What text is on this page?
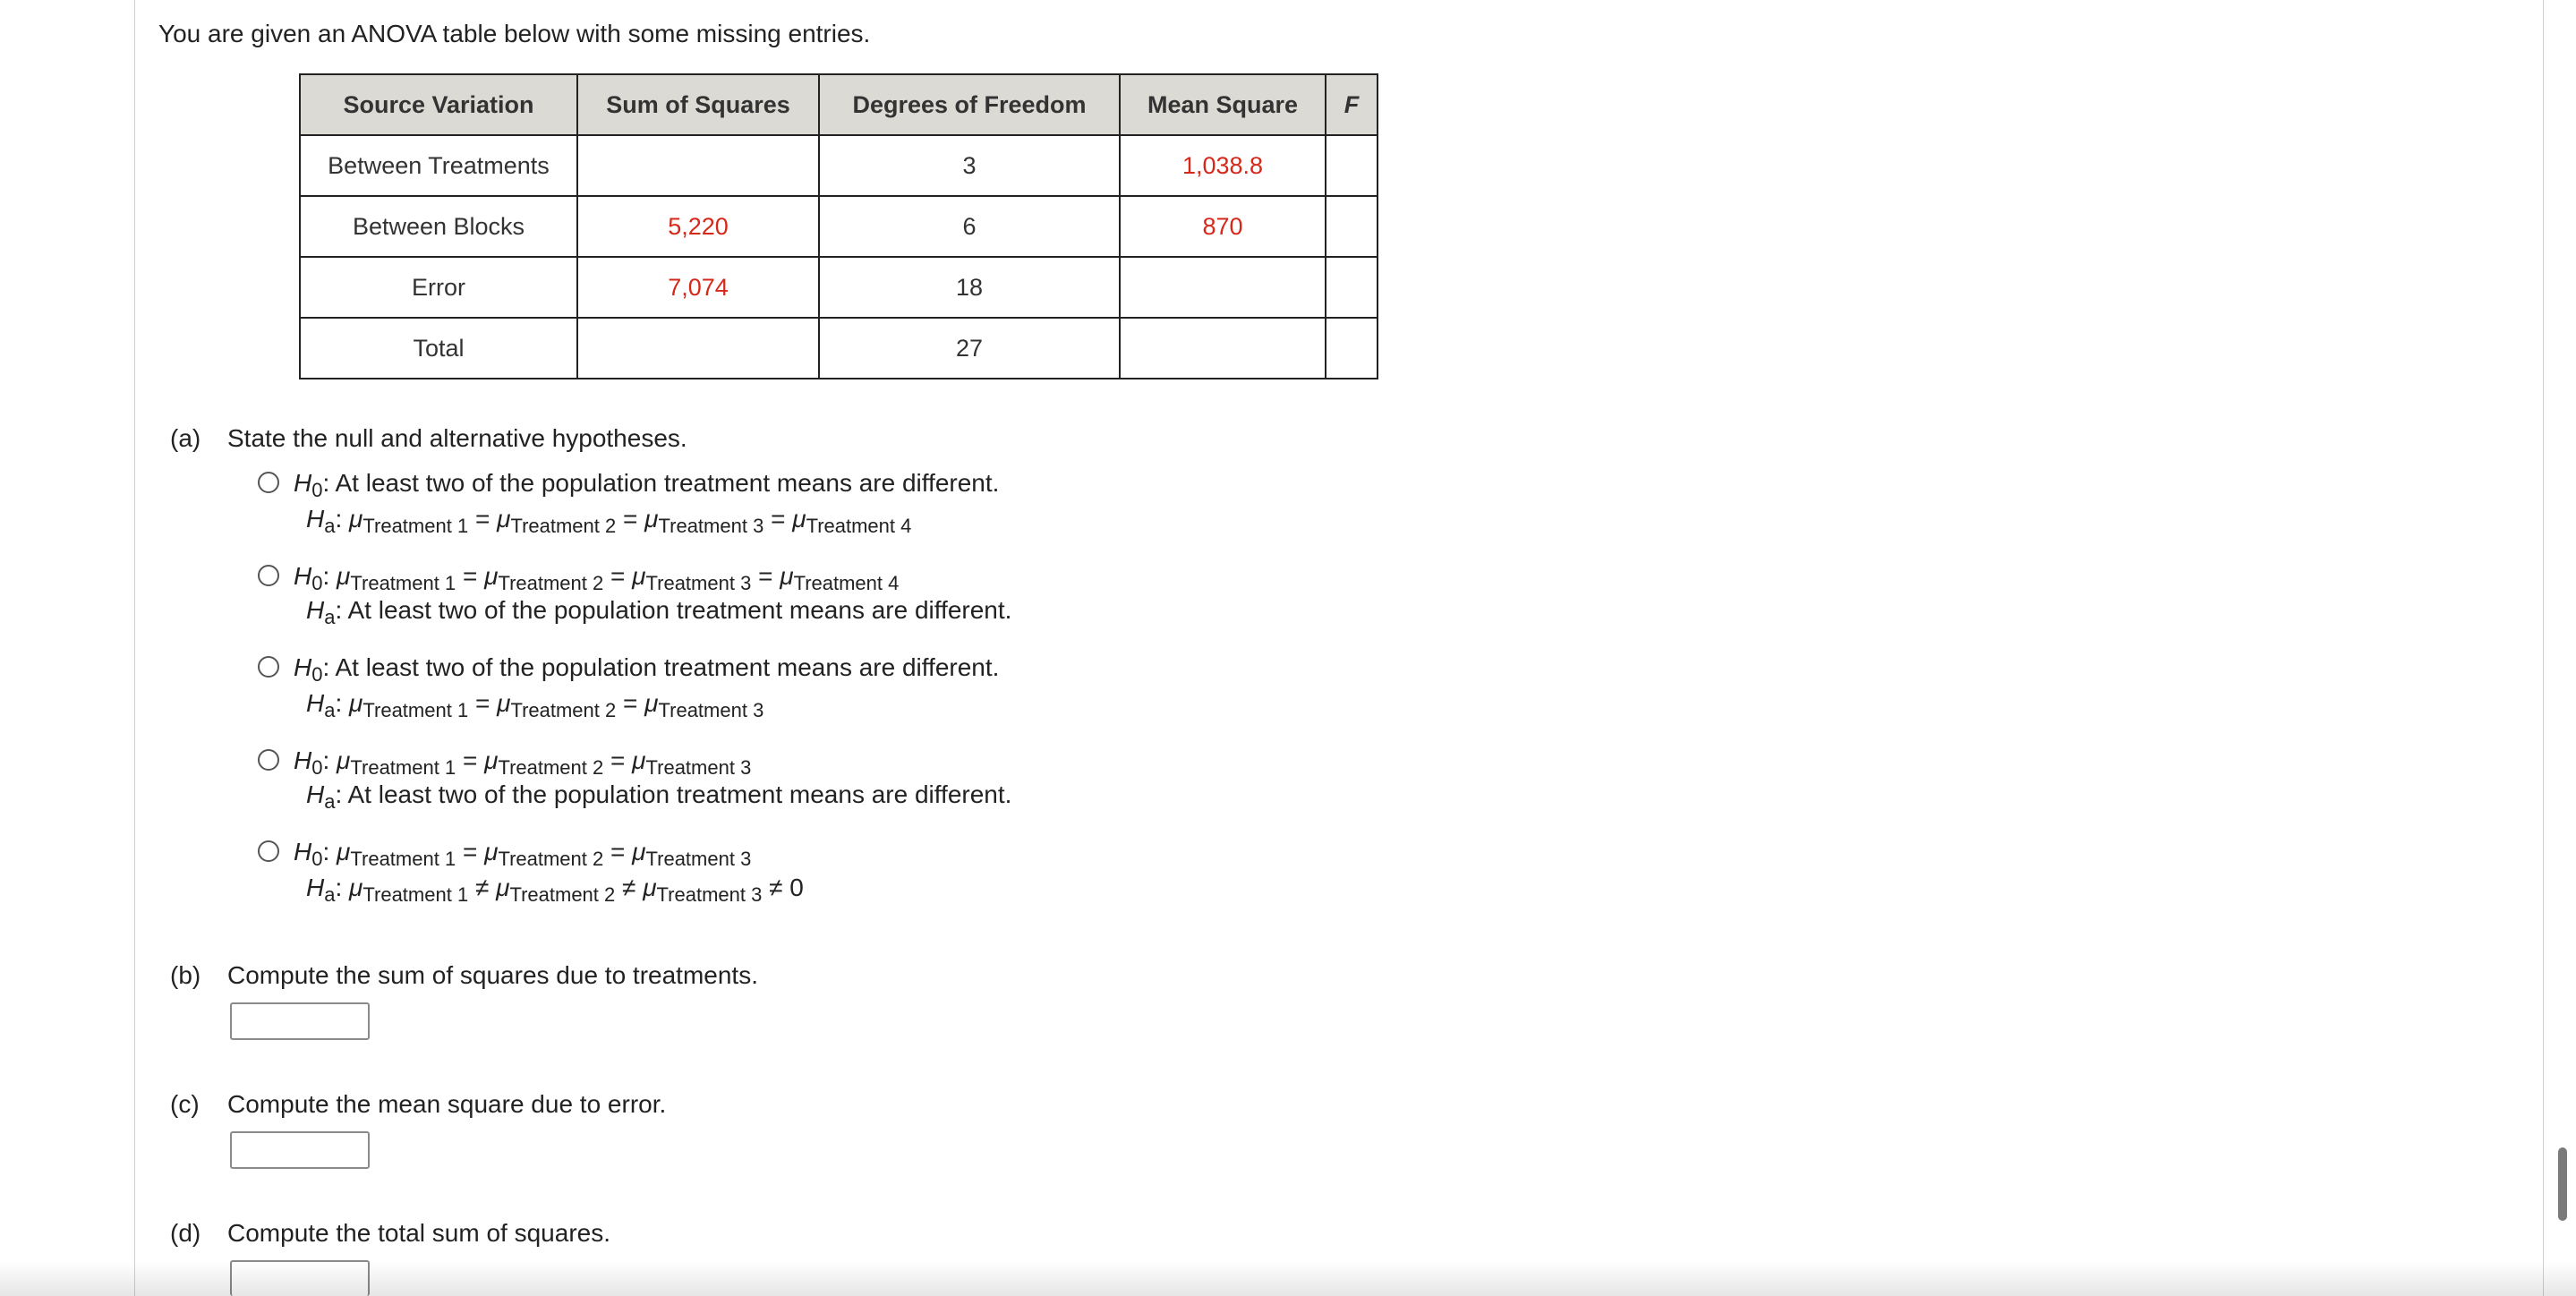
You are given an ANOVA table below with some missing entries.
Source Variation	Sum of Squares	Degrees of Freedom	Mean Square	F
Between Treatments		3	1,038.8	
Between Blocks	5,220	6	870	
Error	7,074	18		
Total		27		
(a) State the null and alternative hypotheses.
$H_0$: At least two of the population treatment means are different.
$H_a$: $\mu_{Treatment 1} = \mu_{Treatment 2} = \mu_{Treatment 3} = \mu_{Treatment 4}$
$H_0$: $\mu_{Treatment 1} = \mu_{Treatment 2} = \mu_{Treatment 3} = \mu_{Treatment 4}$
$H_a$: At least two of the population treatment means are different.
$H_0$: At least two of the population treatment means are different.
$H_a$: $\mu_{Treatment 1} = \mu_{Treatment 2} = \mu_{Treatment 3}$
$H_0$: $\mu_{Treatment 1} = \mu_{Treatment 2} = \mu_{Treatment 3}$
$H_a$: At least two of the population treatment means are different.
$H_0$: $\mu_{Treatment 1} = \mu_{Treatment 2} = \mu_{Treatment 3}$
$H_a$: $\mu_{Treatment 1} \ne \mu_{Treatment 2} \ne \mu_{Treatment 3} \ne 0$
(b) Compute the sum of squares due to treatments.
(c) Compute the mean square due to error.
(d) Compute the total sum of squares.
